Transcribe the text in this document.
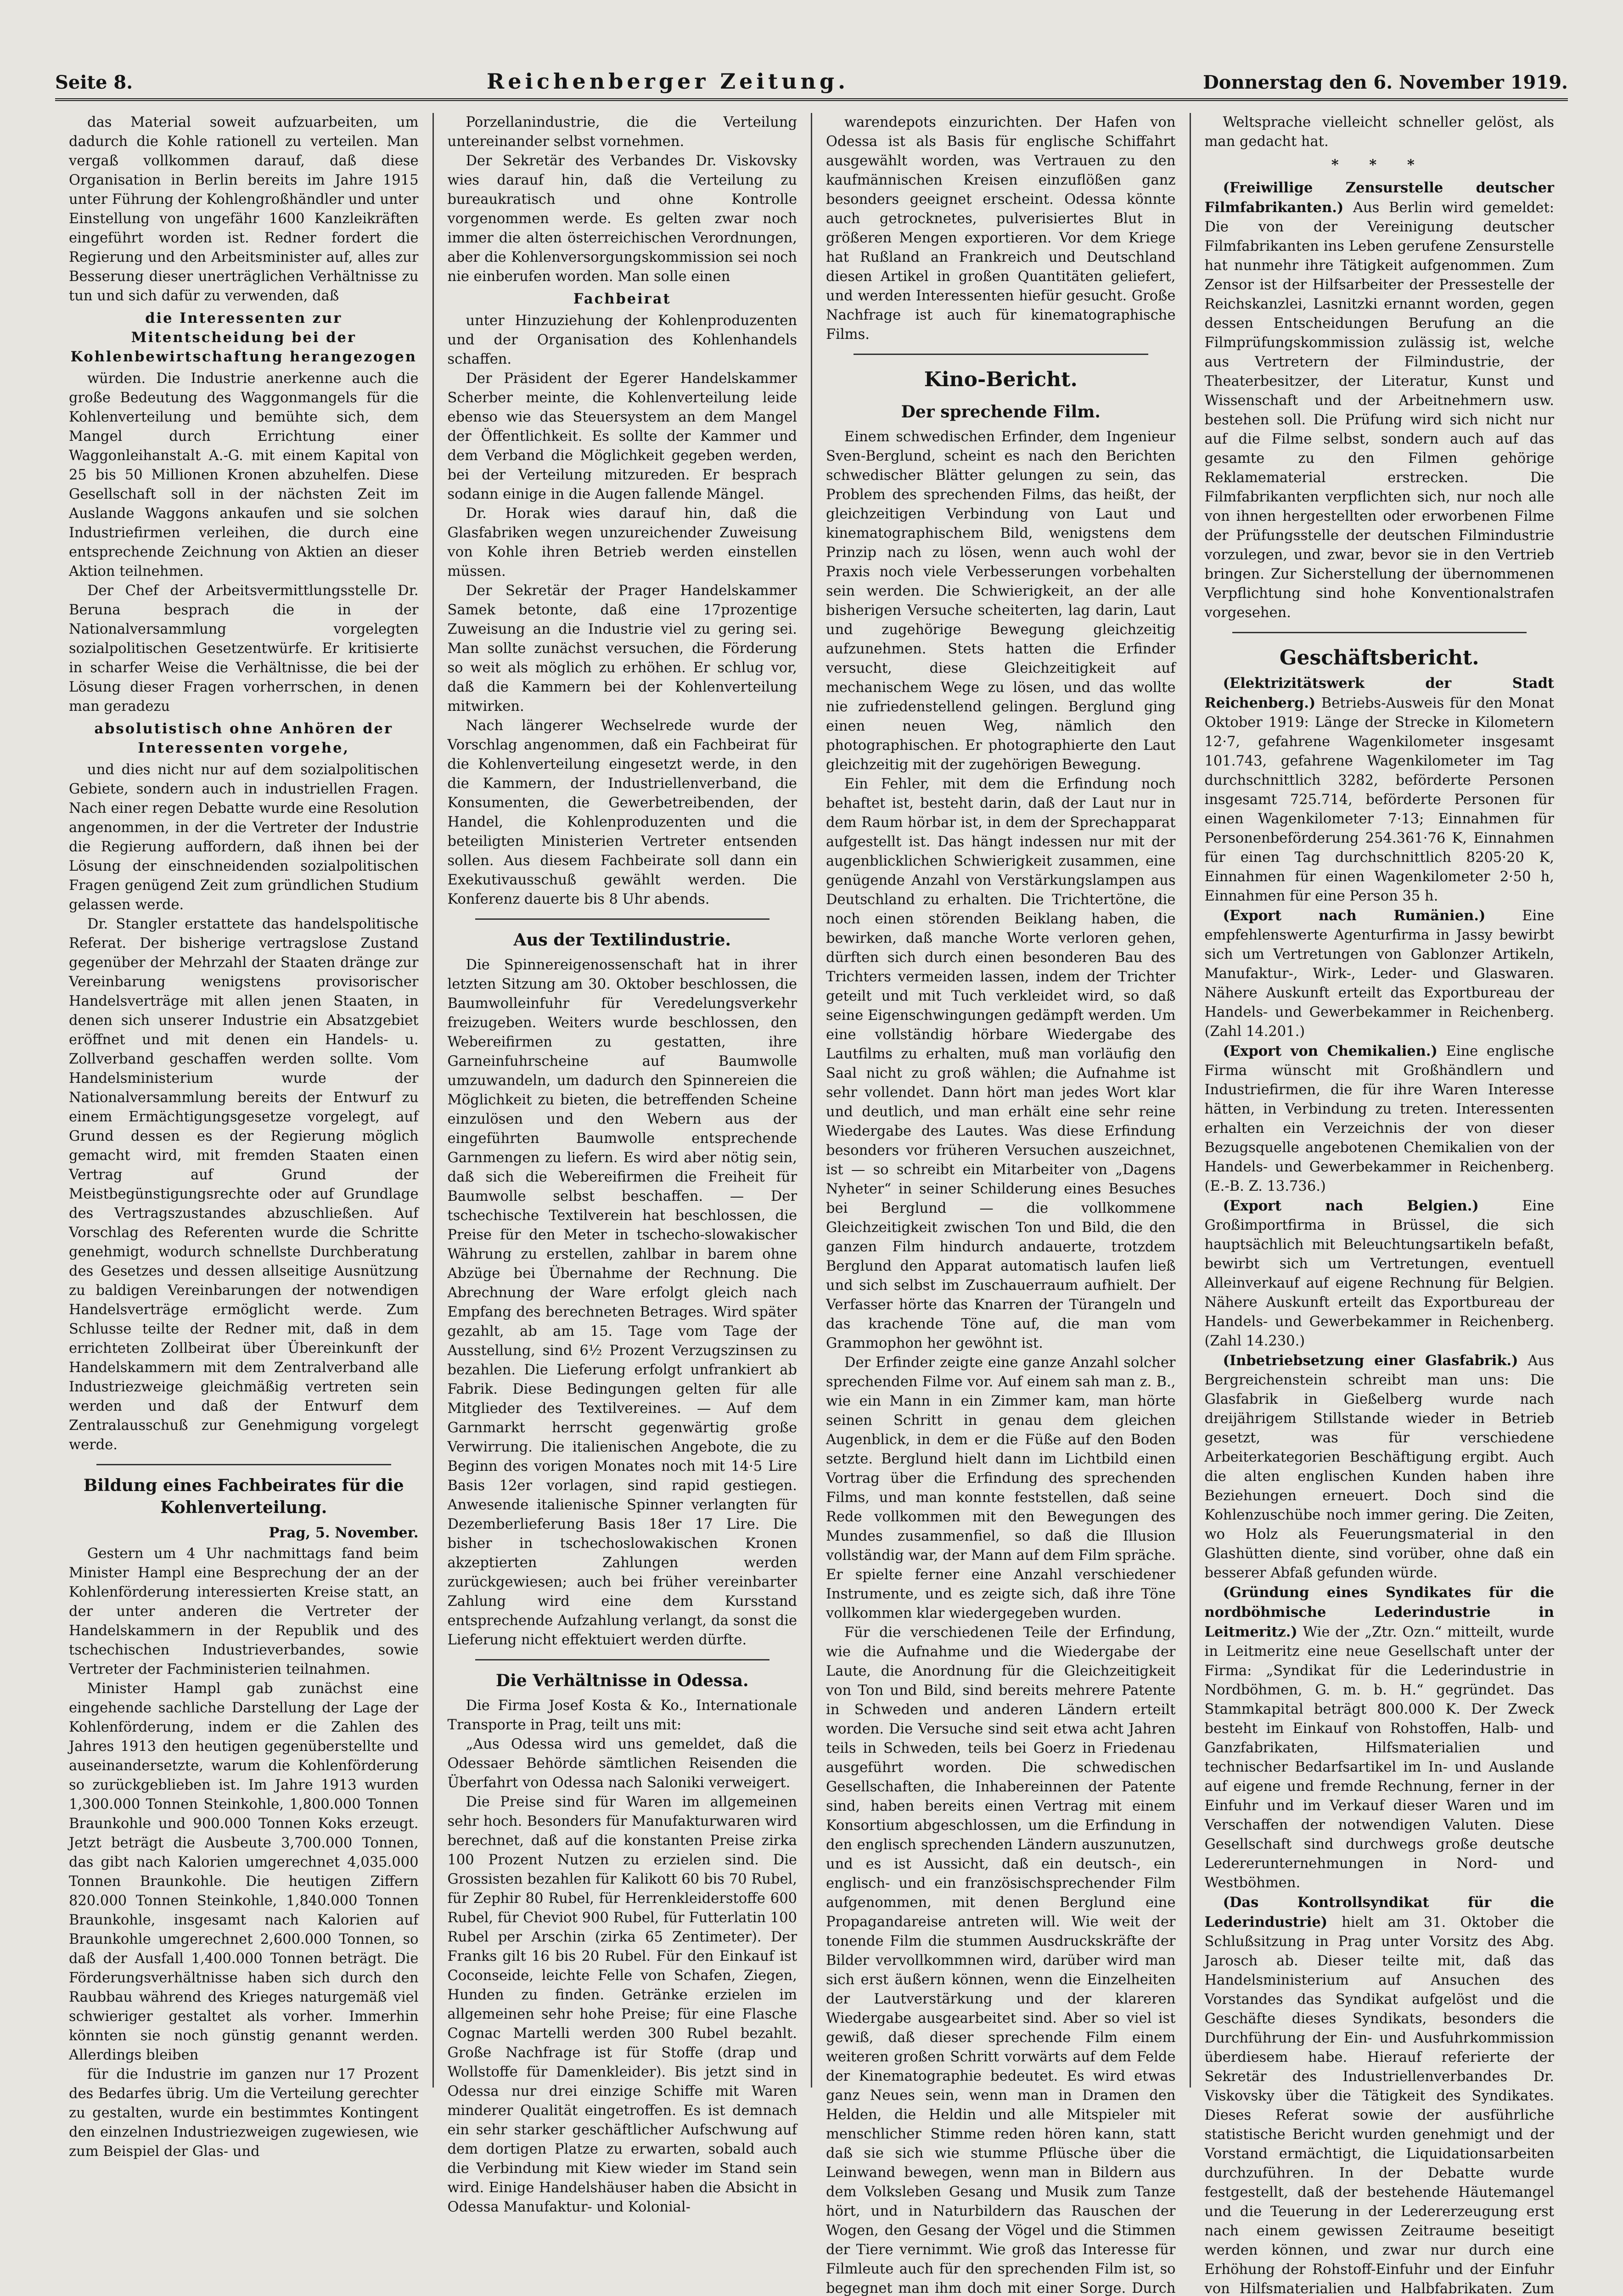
Seite 8.	Reichenberger Zeitung.	Donnerstag den 6. November 1919.

das Material soweit aufzuarbeiten, um dadurch die Kohle rationell zu verteilen. Man vergaß vollkommen darauf, daß diese Organisation in Berlin bereits im Jahre 1915 unter Führung der Kohlengroßhändler und unter Einstellung von ungefähr 1600 Kanzleikräften eingeführt worden ist. Redner fordert die Regierung und den Arbeitsminister auf, alles zur Besserung dieser unerträglichen Verhältnisse zu tun und sich dafür zu verwenden, daß

die Interessenten zur Mitentscheidung bei der Kohlenbewirtschaftung herangezogen

würden. Die Industrie anerkenne auch die große Bedeutung des Waggonmangels für die Kohlenverteilung und bemühte sich, dem Mangel durch Errichtung einer Waggonleihanstalt A.-G. mit einem Kapital von 25 bis 50 Millionen Kronen abzuhelfen. Diese Gesellschaft soll in der nächsten Zeit im Auslande Waggons ankaufen und sie solchen Industriefirmen verleihen, die durch eine entsprechende Zeichnung von Aktien an dieser Aktion teilnehmen.

Der Chef der Arbeitsvermittlungsstelle Dr. Beruna besprach die in der Nationalversammlung vorgelegten sozialpolitischen Gesetzentwürfe. Er kritisierte in scharfer Weise die Verhältnisse, die bei der Lösung dieser Fragen vorherrschen, in denen man geradezu

absolutistisch ohne Anhören der Interessenten vorgehe,

und dies nicht nur auf dem sozialpolitischen Gebiete, sondern auch in industriellen Fragen. Nach einer regen Debatte wurde eine Resolution angenommen, in der die Vertreter der Industrie die Regierung auffordern, daß ihnen bei der Lösung der einschneidenden sozialpolitischen Fragen genügend Zeit zum gründlichen Studium gelassen werde.

Dr. Stangler erstattete das handelspolitische Referat. Der bisherige vertragslose Zustand gegenüber der Mehrzahl der Staaten dränge zur Vereinbarung wenigstens provisorischer Handelsverträge mit allen jenen Staaten, in denen sich unserer Industrie ein Absatzgebiet eröffnet und mit denen ein Handels- u. Zollverband geschaffen werden sollte. Vom Handelsministerium wurde der Nationalversammlung bereits der Entwurf zu einem Ermächtigungsgesetze vorgelegt, auf Grund dessen es der Regierung möglich gemacht wird, mit fremden Staaten einen Vertrag auf Grund der Meistbegünstigungsrechte oder auf Grundlage des Vertragszustandes abzuschließen. Auf Vorschlag des Referenten wurde die Schritte genehmigt, wodurch schnellste Durchberatung des Gesetzes und dessen allseitige Ausnützung zu baldigen Vereinbarungen der notwendigen Handelsverträge ermöglicht werde. Zum Schlusse teilte der Redner mit, daß in dem errichteten Zollbeirat über Übereinkunft der Handelskammern mit dem Zentralverband alle Industriezweige gleichmäßig vertreten sein werden und daß der Entwurf dem Zentralausschuß zur Genehmigung vorgelegt werde.

Bildung eines Fachbeirates für die Kohlenverteilung.
Prag, 5. November.

Gestern um 4 Uhr nachmittags fand beim Minister Hampl eine Besprechung der an der Kohlenförderung interessierten Kreise statt, an der unter anderen die Vertreter der Handelskammern in der Republik und des tschechischen Industrieverbandes, sowie Vertreter der Fachministerien teilnahmen.

Minister Hampl gab zunächst eine eingehende sachliche Darstellung der Lage der Kohlenförderung, indem er die Zahlen des Jahres 1913 den heutigen gegenüberstellte und auseinandersetzte, warum die Kohlenförderung so zurückgeblieben ist. Im Jahre 1913 wurden 1,300.000 Tonnen Steinkohle, 1,800.000 Tonnen Braunkohle und 900.000 Tonnen Koks erzeugt. Jetzt beträgt die Ausbeute 3,700.000 Tonnen, das gibt nach Kalorien umgerechnet 4,035.000 Tonnen Braunkohle. Die heutigen Ziffern 820.000 Tonnen Steinkohle, 1,840.000 Tonnen Braunkohle, insgesamt nach Kalorien auf Braunkohle umgerechnet 2,600.000 Tonnen, so daß der Ausfall 1,400.000 Tonnen beträgt. Die Förderungsverhältnisse haben sich durch den Raubbau während des Krieges naturgemäß viel schwieriger gestaltet als vorher. Immerhin könnten sie noch günstig genannt werden. Allerdings bleiben

für die Industrie im ganzen nur 17 Prozent des Bedarfes übrig. Um die Verteilung gerechter zu gestalten, wurde ein bestimmtes Kontingent den einzelnen Industriezweigen zugewiesen, wie zum Beispiel der Glas- und

Porzellanindustrie, die die Verteilung untereinander selbst vornehmen.

Der Sekretär des Verbandes Dr. Viskovsky wies darauf hin, daß die Verteilung zu bureaukratisch und ohne Kontrolle vorgenommen werde. Es gelten zwar noch immer die alten österreichischen Verordnungen, aber die Kohlenversorgungskommission sei noch nie einberufen worden. Man solle einen

Fachbeirat

unter Hinzuziehung der Kohlenproduzenten und der Organisation des Kohlenhandels schaffen.

Der Präsident der Egerer Handelskammer Scherber meinte, die Kohlenverteilung leide ebenso wie das Steuersystem an dem Mangel der Öffentlichkeit. Es sollte der Kammer und dem Verband die Möglichkeit gegeben werden, bei der Verteilung mitzureden. Er besprach sodann einige in die Augen fallende Mängel.

Dr. Horak wies darauf hin, daß die Glasfabriken wegen unzureichender Zuweisung von Kohle ihren Betrieb werden einstellen müssen.

Der Sekretär der Prager Handelskammer Samek betonte, daß eine 17prozentige Zuweisung an die Industrie viel zu gering sei. Man sollte zunächst versuchen, die Förderung so weit als möglich zu erhöhen. Er schlug vor, daß die Kammern bei der Kohlenverteilung mitwirken.

Nach längerer Wechselrede wurde der Vorschlag angenommen, daß ein Fachbeirat für die Kohlenverteilung eingesetzt werde, in den die Kammern, der Industriellenverband, die Konsumenten, die Gewerbetreibenden, der Handel, die Kohlenproduzenten und die beteiligten Ministerien Vertreter entsenden sollen. Aus diesem Fachbeirate soll dann ein Exekutivausschuß gewählt werden. Die Konferenz dauerte bis 8 Uhr abends.

Aus der Textilindustrie.

Die Spinnereigenossenschaft hat in ihrer letzten Sitzung am 30. Oktober beschlossen, die Baumwolleinfuhr für Veredelungsverkehr freizugeben. Weiters wurde beschlossen, den Webereifirmen zu gestatten, ihre Garneinfuhrscheine auf Baumwolle umzuwandeln, um dadurch den Spinnereien die Möglichkeit zu bieten, die betreffenden Scheine einzulösen und den Webern aus der eingeführten Baumwolle entsprechende Garnmengen zu liefern. Es wird aber nötig sein, daß sich die Webereifirmen die Freiheit für Baumwolle selbst beschaffen. — Der tschechische Textilverein hat beschlossen, die Preise für den Meter in tschecho-slowakischer Währung zu erstellen, zahlbar in barem ohne Abzüge bei Übernahme der Rechnung. Die Abrechnung der Ware erfolgt gleich nach Empfang des berechneten Betrages. Wird später gezahlt, ab am 15. Tage vom Tage der Ausstellung, sind 6½ Prozent Verzugszinsen zu bezahlen. Die Lieferung erfolgt unfrankiert ab Fabrik. Diese Bedingungen gelten für alle Mitglieder des Textilvereines. — Auf dem Garnmarkt herrscht gegenwärtig große Verwirrung. Die italienischen Angebote, die zu Beginn des vorigen Monates noch mit 14·5 Lire Basis 12er vorlagen, sind rapid gestiegen. Anwesende italienische Spinner verlangten für Dezemberlieferung Basis 18er 17 Lire. Die bisher in tschechoslowakischen Kronen akzeptierten Zahlungen werden zurückgewiesen; auch bei früher vereinbarter Zahlung wird eine dem Kursstand entsprechende Aufzahlung verlangt, da sonst die Lieferung nicht effektuiert werden dürfte.

Die Verhältnisse in Odessa.

Die Firma Josef Kosta & Ko., Internationale Transporte in Prag, teilt uns mit:

„Aus Odessa wird uns gemeldet, daß die Odessaer Behörde sämtlichen Reisenden die Überfahrt von Odessa nach Saloniki verweigert.

Die Preise sind für Waren im allgemeinen sehr hoch. Besonders für Manufakturwaren wird berechnet, daß auf die konstanten Preise zirka 100 Prozent Nutzen zu erzielen sind. Die Grossisten bezahlen für Kalikott 60 bis 70 Rubel, für Zephir 80 Rubel, für Herrenkleiderstoffe 600 Rubel, für Cheviot 900 Rubel, für Futterlatin 100 Rubel per Arschin (zirka 65 Zentimeter). Der Franks gilt 16 bis 20 Rubel. Für den Einkauf ist Coconseide, leichte Felle von Schafen, Ziegen, Hunden zu finden. Getränke erzielen im allgemeinen sehr hohe Preise; für eine Flasche Cognac Martelli werden 300 Rubel bezahlt. Große Nachfrage ist für Stoffe (drap und Wollstoffe für Damenkleider). Bis jetzt sind in Odessa nur drei einzige Schiffe mit Waren minderer Qualität eingetroffen. Es ist demnach ein sehr starker geschäftlicher Aufschwung auf dem dortigen Platze zu erwarten, sobald auch die Verbindung mit Kiew wieder im Stand sein wird. Einige Handelshäuser haben die Absicht in Odessa Manufaktur- und Kolonial-

warendepots einzurichten. Der Hafen von Odessa ist als Basis für englische Schiffahrt ausgewählt worden, was Vertrauen zu den kaufmännischen Kreisen einzuflößen ganz besonders geeignet erscheint. Odessa könnte auch getrocknetes, pulverisiertes Blut in größeren Mengen exportieren. Vor dem Kriege hat Rußland an Frankreich und Deutschland diesen Artikel in großen Quantitäten geliefert, und werden Interessenten hiefür gesucht. Große Nachfrage ist auch für kinematographische Films.

Kino-Bericht.
Der sprechende Film.

Einem schwedischen Erfinder, dem Ingenieur Sven-Berglund, scheint es nach den Berichten schwedischer Blätter gelungen zu sein, das Problem des sprechenden Films, das heißt, der gleichzeitigen Verbindung von Laut und kinematographischem Bild, wenigstens dem Prinzip nach zu lösen, wenn auch wohl der Praxis noch viele Verbesserungen vorbehalten sein werden. Die Schwierigkeit, an der alle bisherigen Versuche scheiterten, lag darin, Laut und zugehörige Bewegung gleichzeitig aufzunehmen. Stets hatten die Erfinder versucht, diese Gleichzeitigkeit auf mechanischem Wege zu lösen, und das wollte nie zufriedenstellend gelingen. Berglund ging einen neuen Weg, nämlich den photographischen. Er photographierte den Laut gleichzeitig mit der zugehörigen Bewegung.

Ein Fehler, mit dem die Erfindung noch behaftet ist, besteht darin, daß der Laut nur in dem Raum hörbar ist, in dem der Sprechapparat aufgestellt ist. Das hängt indessen nur mit der augenblicklichen Schwierigkeit zusammen, eine genügende Anzahl von Verstärkungslampen aus Deutschland zu erhalten. Die Trichtertöne, die noch einen störenden Beiklang haben, die bewirken, daß manche Worte verloren gehen, dürften sich durch einen besonderen Bau des Trichters vermeiden lassen, indem der Trichter geteilt und mit Tuch verkleidet wird, so daß seine Eigenschwingungen gedämpft werden. Um eine vollständig hörbare Wiedergabe des Lautfilms zu erhalten, muß man vorläufig den Saal nicht zu groß wählen; die Aufnahme ist sehr vollendet. Dann hört man jedes Wort klar und deutlich, und man erhält eine sehr reine Wiedergabe des Lautes. Was diese Erfindung besonders vor früheren Versuchen auszeichnet, ist — so schreibt ein Mitarbeiter von „Dagens Nyheter“ in seiner Schilderung eines Besuches bei Berglund — die vollkommene Gleichzeitigkeit zwischen Ton und Bild, die den ganzen Film hindurch andauerte, trotzdem Berglund den Apparat automatisch laufen ließ und sich selbst im Zuschauerraum aufhielt. Der Verfasser hörte das Knarren der Türangeln und das krachende Töne auf, die man vom Grammophon her gewöhnt ist.

Der Erfinder zeigte eine ganze Anzahl solcher sprechenden Filme vor. Auf einem sah man z. B., wie ein Mann in ein Zimmer kam, man hörte seinen Schritt in genau dem gleichen Augenblick, in dem er die Füße auf den Boden setzte. Berglund hielt dann im Lichtbild einen Vortrag über die Erfindung des sprechenden Films, und man konnte feststellen, daß seine Rede vollkommen mit den Bewegungen des Mundes zusammenfiel, so daß die Illusion vollständig war, der Mann auf dem Film spräche. Er spielte ferner eine Anzahl verschiedener Instrumente, und es zeigte sich, daß ihre Töne vollkommen klar wiedergegeben wurden.

Für die verschiedenen Teile der Erfindung, wie die Aufnahme und die Wiedergabe der Laute, die Anordnung für die Gleichzeitigkeit von Ton und Bild, sind bereits mehrere Patente in Schweden und anderen Ländern erteilt worden. Die Versuche sind seit etwa acht Jahren teils in Schweden, teils bei Goerz in Friedenau ausgeführt worden. Die schwedischen Gesellschaften, die Inhabereinnen der Patente sind, haben bereits einen Vertrag mit einem Konsortium abgeschlossen, um die Erfindung in den englisch sprechenden Ländern auszunutzen, und es ist Aussicht, daß ein deutsch-, ein englisch- und ein französischsprechender Film aufgenommen, mit denen Berglund eine Propagandareise antreten will. Wie weit der tonende Film die stummen Ausdruckskräfte der Bilder vervollkommnen wird, darüber wird man sich erst äußern können, wenn die Einzelheiten der Lautverstärkung und der klareren Wiedergabe ausgearbeitet sind. Aber so viel ist gewiß, daß dieser sprechende Film einem weiteren großen Schritt vorwärts auf dem Felde der Kinematographie bedeutet. Es wird etwas ganz Neues sein, wenn man in Dramen den Helden, die Heldin und alle Mitspieler mit menschlicher Stimme reden hören kann, statt daß sie sich wie stumme Pflüsche über die Leinwand bewegen, wenn man in Bildern aus dem Volksleben Gesang und Musik zum Tanze hört, und in Naturbildern das Rauschen der Wogen, den Gesang der Vögel und die Stimmen der Tiere vernimmt. Wie groß das Interesse für Filmleute auch für den sprechenden Film ist, so begegnet man ihm doch mit einer Sorge. Durch

Weltsprache vielleicht schneller gelöst, als man gedacht hat.

* * *

(Freiwillige Zensurstelle deutscher Filmfabrikanten.) Aus Berlin wird gemeldet: Die von der Vereinigung deutscher Filmfabrikanten ins Leben gerufene Zensurstelle hat nunmehr ihre Tätigkeit aufgenommen. Zum Zensor ist der Hilfsarbeiter der Pressestelle der Reichskanzlei, Lasnitzki ernannt worden, gegen dessen Entscheidungen Berufung an die Filmprüfungskommission zulässig ist, welche aus Vertretern der Filmindustrie, der Theaterbesitzer, der Literatur, Kunst und Wissenschaft und der Arbeitnehmern usw. bestehen soll. Die Prüfung wird sich nicht nur auf die Filme selbst, sondern auch auf das gesamte zu den Filmen gehörige Reklamematerial erstrecken. Die Filmfabrikanten verpflichten sich, nur noch alle von ihnen hergestellten oder erworbenen Filme der Prüfungsstelle der deutschen Filmindustrie vorzulegen, und zwar, bevor sie in den Vertrieb bringen. Zur Sicherstellung der übernommenen Verpflichtung sind hohe Konventionalstrafen vorgesehen.

Geschäftsbericht.

(Elektrizitätswerk der Stadt Reichenberg.) Betriebs-Ausweis für den Monat Oktober 1919: Länge der Strecke in Kilometern 12·7, gefahrene Wagenkilometer insgesamt 101.743, gefahrene Wagenkilometer im Tag durchschnittlich 3282, beförderte Personen insgesamt 725.714, beförderte Personen für einen Wagenkilometer 7·13; Einnahmen für Personenbeförderung 254.361·76 K, Einnahmen für einen Tag durchschnittlich 8205·20 K, Einnahmen für einen Wagenkilometer 2·50 h, Einnahmen für eine Person 35 h.

(Export nach Rumänien.)	Eine empfehlenswerte Agenturfirma in Jassy bewirbt sich um Vertretungen von Gablonzer Artikeln, Manufaktur-, Wirk-, Leder- und Glaswaren. Nähere Auskunft erteilt das Exportbureau der Handels- und Gewerbekammer in Reichenberg. (Zahl 14.201.)

(Export von Chemikalien.) Eine englische Firma wünscht mit Großhändlern und Industriefirmen, die für ihre Waren Interesse hätten, in Verbindung zu treten. Interessenten erhalten ein Verzeichnis der von dieser Bezugsquelle angebotenen Chemikalien von der Handels- und Gewerbekammer in Reichenberg. (E.-B. Z. 13.736.)

(Export nach Belgien.)	Eine Großimportfirma in Brüssel, die sich hauptsächlich mit Beleuchtungsartikeln befaßt, bewirbt sich um Vertretungen, eventuell Alleinverkauf auf eigene Rechnung für Belgien. Nähere Auskunft erteilt das Exportbureau der Handels- und Gewerbekammer in Reichenberg. (Zahl 14.230.)

(Inbetriebsetzung einer Glasfabrik.) Aus Bergreichenstein schreibt man uns: Die Glasfabrik in Gießelberg wurde nach dreijährigem Stillstande wieder in Betrieb gesetzt, was für verschiedene Arbeiterkategorien Beschäftigung ergibt. Auch die alten englischen Kunden haben ihre Beziehungen erneuert. Doch sind die Kohlenzuschübe noch immer gering. Die Zeiten, wo Holz als Feuerungsmaterial in den Glashütten diente, sind vorüber, ohne daß ein besserer Abfaß gefunden würde.

(Gründung eines Syndikates für die nordböhmische Lederindustrie in Leitmeritz.) Wie der „Ztr. Ozn.“ mitteilt, wurde in Leitmeritz eine neue Gesellschaft unter der Firma: „Syndikat für die Lederindustrie in Nordböhmen, G. m. b. H.“ gegründet. Das Stammkapital beträgt 800.000 K. Der Zweck besteht im Einkauf von Rohstoffen, Halb- und Ganzfabrikaten, Hilfsmaterialien und technischer Bedarfsartikel im In- und Auslande auf eigene und fremde Rechnung, ferner in der Einfuhr und im Verkauf dieser Waren und im Verschaffen der notwendigen Valuten. Diese Gesellschaft sind durchwegs große deutsche Ledererunternehmungen in Nord- und Westböhmen.

(Das Kontrollsyndikat für die Lederindustrie) hielt am 31. Oktober die Schlußsitzung in Prag unter Vorsitz des Abg. Jarosch ab. Dieser teilte mit, daß das Handelsministerium auf Ansuchen des Vorstandes das Syndikat aufgelöst und die Geschäfte dieses Syndikats, besonders die Durchführung der Ein- und Ausfuhrkommission überdiesem habe. Hierauf referierte der Sekretär des Industriellenverbandes Dr. Viskovsky über die Tätigkeit des Syndikates. Dieses Referat sowie der ausführliche statistische Bericht wurden genehmigt und der Vorstand ermächtigt, die Liquidationsarbeiten durchzuführen. In der Debatte wurde festgestellt, daß der bestehende Häutemangel und die Teuerung in der Ledererzeugung erst nach einem gewissen Zeitraume beseitigt werden können, und zwar nur durch eine Erhöhung der Rohstoff-Einfuhr und der Einfuhr von Hilfsmaterialien und Halbfabrikaten. Zum
